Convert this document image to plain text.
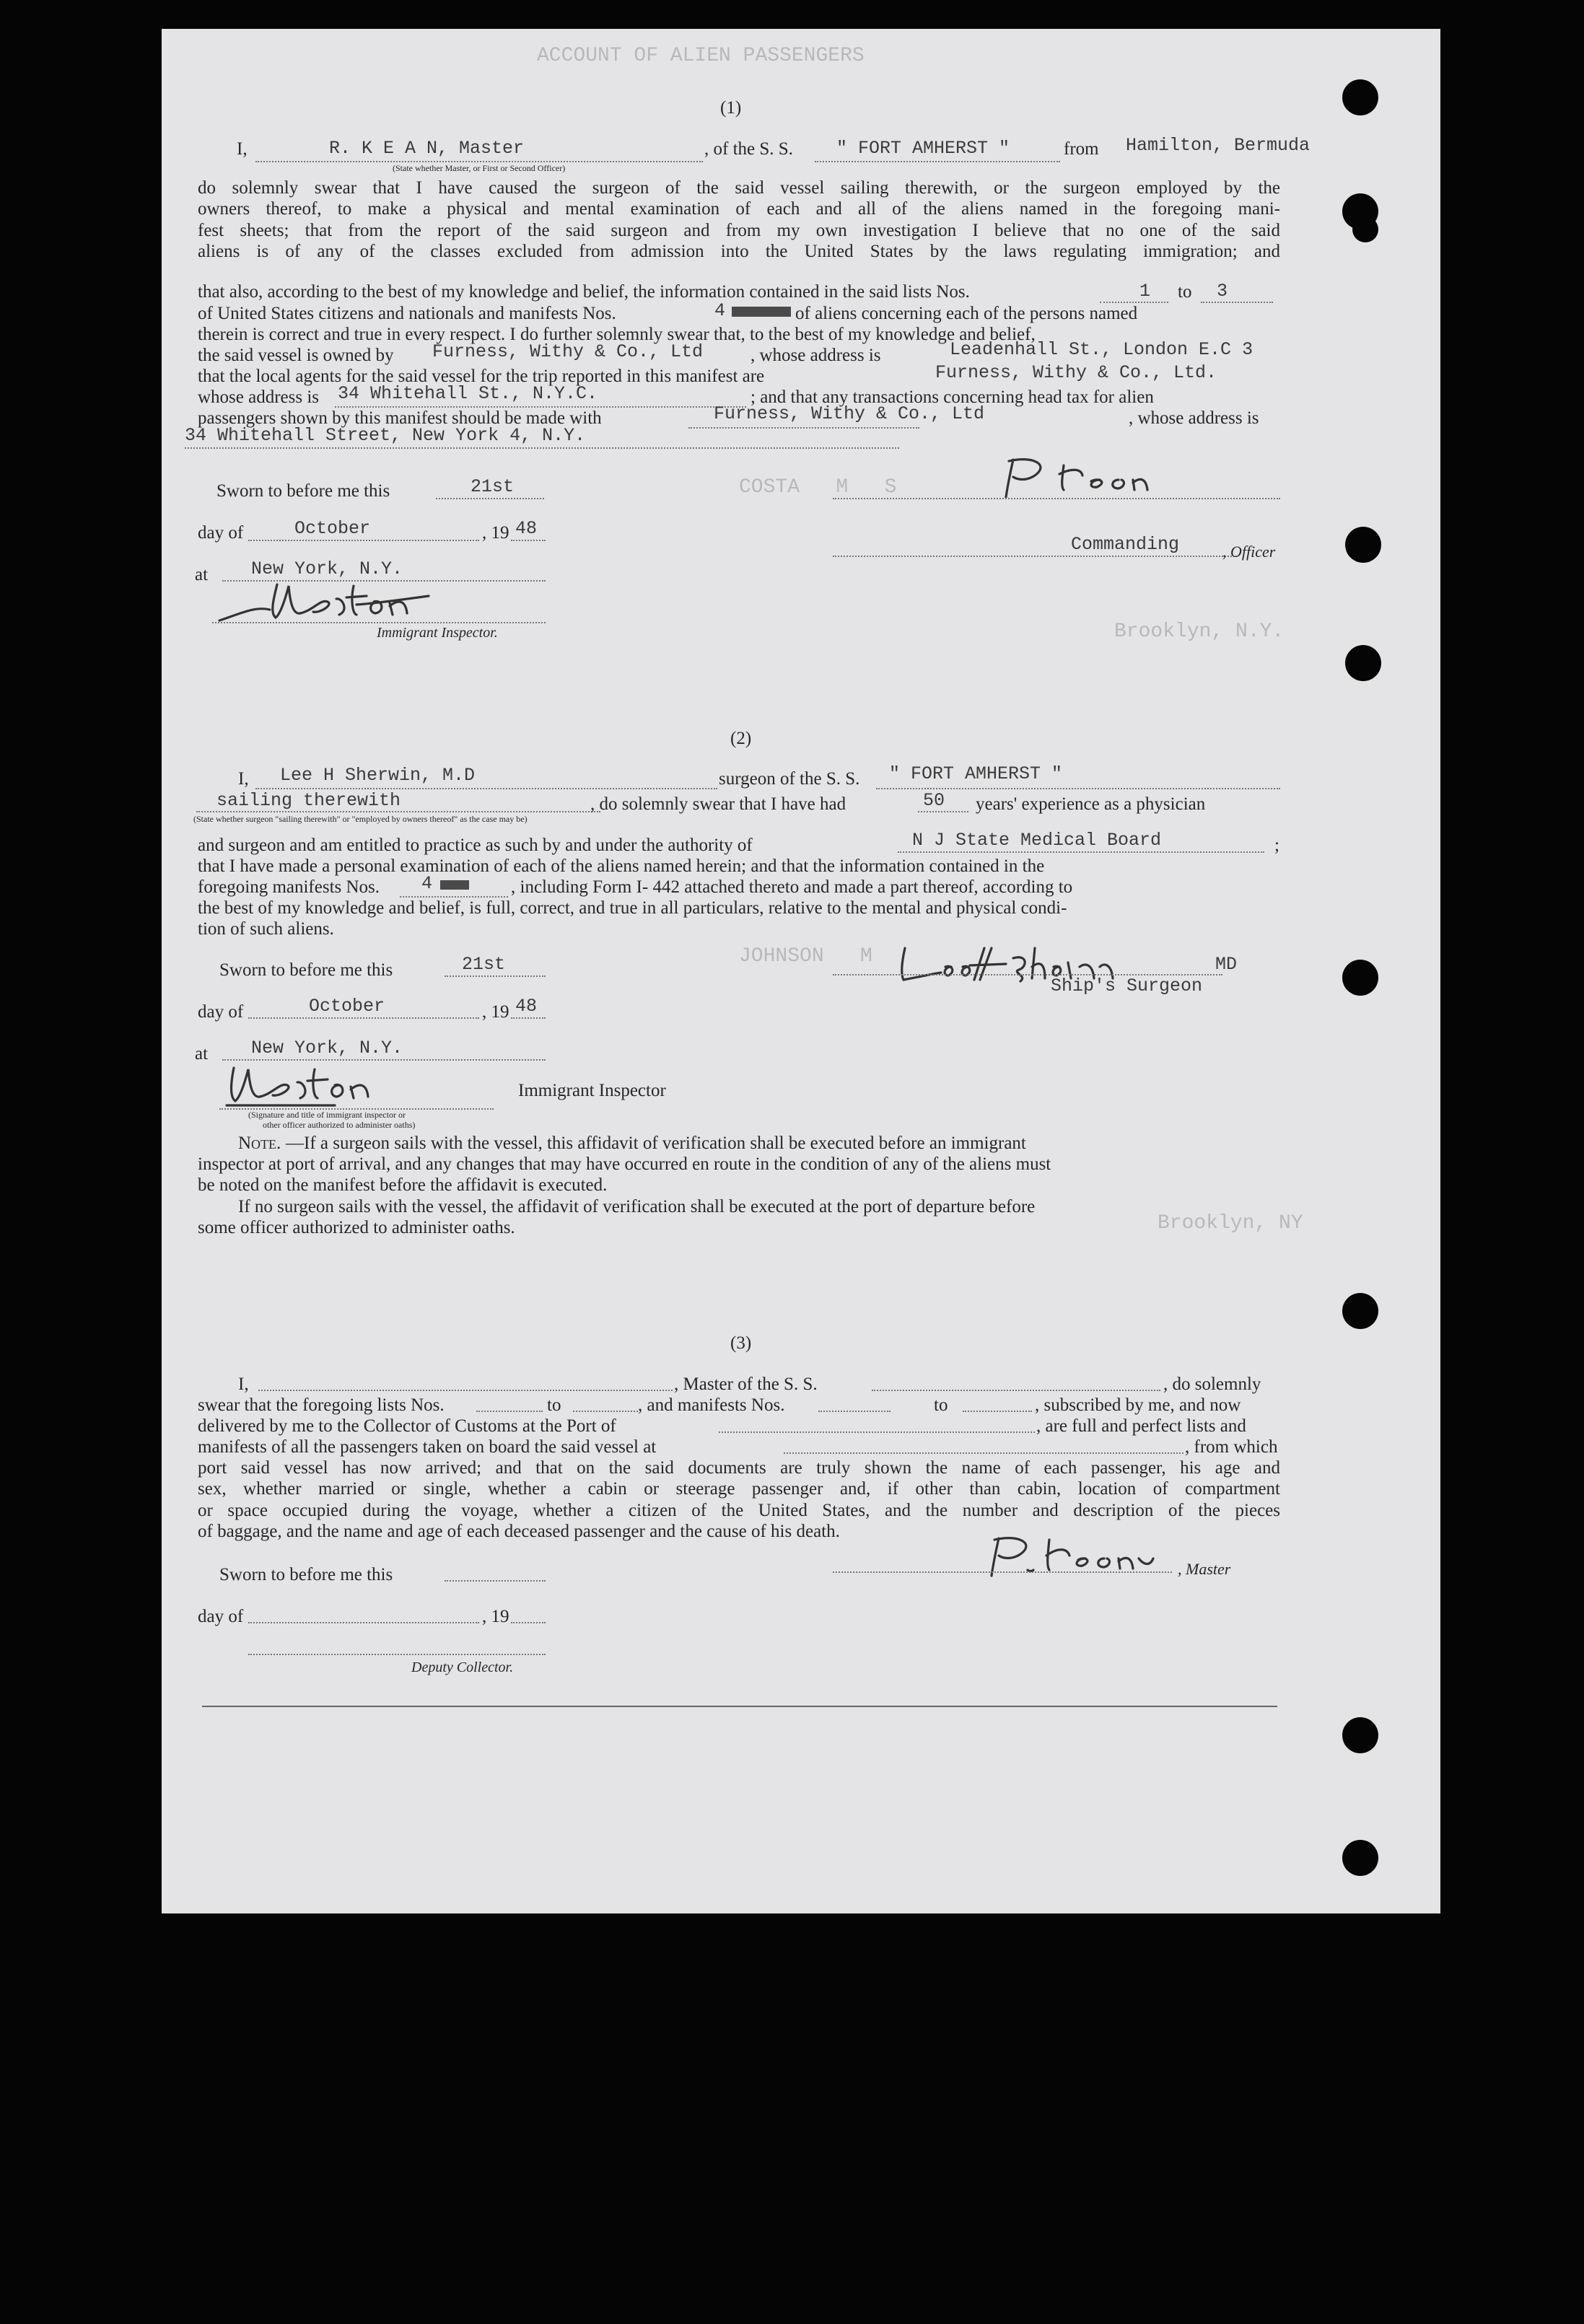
ACCOUNT OF ALIEN PASSENGERS
COSTA   M   S
JOHNSON   M
Brooklyn, N.Y.
Brooklyn, NY
(1)
I,	R. K E A N, Master
(State whether Master, or First or Second Officer)
, of the S. S. " FORT AMHERST "	from Hamilton, Bermuda
do solemnly swear that I have caused the surgeon of the said vessel sailing therewith, or the surgeon employed by the
owners thereof, to make a physical and mental examination of each and all of the aliens named in the foregoing mani-
fest sheets; that from the report of the said surgeon and from my own investigation I believe that no one of the said
aliens is of any of the classes excluded from admission into the United States by the laws regulating immigration; and
that also, according to the best of my knowledge and belief, the information contained in the said lists Nos.	1 to 3
of United States citizens and nationals and manifests Nos.	4	of aliens concerning each of the persons named
therein is correct and true in every respect. I do further solemnly swear that, to the best of my knowledge and belief,
the said vessel is owned by Furness, Withy & Co., Ltd	, whose address is	Leadenhall St., London E.C 3
that the local agents for the said vessel for the trip reported in this manifest are	Furness, Withy & Co., Ltd.
whose address is 34 Whitehall St., N.Y.C.	; and that any transactions concerning head tax for alien
passengers shown by this manifest should be made with	Furness, Withy & Co., Ltd	, whose address is
34 Whitehall Street, New York 4, N.Y.
Sworn to before me this	21st
day of	October	, 19 48
at New York, N.Y.
Immigrant Inspector.
Commanding	, Officer
(2)
I, Lee H Sherwin, M.D	surgeon of the S. S. " FORT AMHERST "
sailing therewith	, do solemnly swear that I have had	50 years' experience as a physician
(State whether surgeon "sailing therewith" or "employed by owners thereof" as the case may be)
and surgeon and am entitled to practice as such by and under the authority of	N J State Medical Board	;
that I have made a personal examination of each of the aliens named herein; and that the information contained in the
foregoing manifests Nos. 4	, including Form I- 442 attached thereto and made a part thereof, according to
the best of my knowledge and belief, is full, correct, and true in all particulars, relative to the mental and physical condi-
tion of such aliens.
Sworn to before me this	21st
day of	October	, 19 48
at New York, N.Y.
Immigrant Inspector
(Signature and title of immigrant inspector or
other officer authorized to administer oaths)
MD
Ship's Surgeon
Note. —If a surgeon sails with the vessel, this affidavit of verification shall be executed before an immigrant
inspector at port of arrival, and any changes that may have occurred en route in the condition of any of the aliens must
be noted on the manifest before the affidavit is executed.
If no surgeon sails with the vessel, the affidavit of verification shall be executed at the port of departure before
some officer authorized to administer oaths.
(3)
I,	, Master of the S. S.	, do solemnly
swear that the foregoing lists Nos.	to	, and manifests Nos.	to	, subscribed by me, and now
delivered by me to the Collector of Customs at the Port of	, are full and perfect lists and
manifests of all the passengers taken on board the said vessel at	, from which
port said vessel has now arrived; and that on the said documents are truly shown the name of each passenger, his age and
sex, whether married or single, whether a cabin or steerage passenger and, if other than cabin, location of compartment
or space occupied during the voyage, whether a citizen of the United States, and the number and description of the pieces
of baggage, and the name and age of each deceased passenger and the cause of his death.
Sworn to before me this
day of	, 19
Deputy Collector.
, Master
